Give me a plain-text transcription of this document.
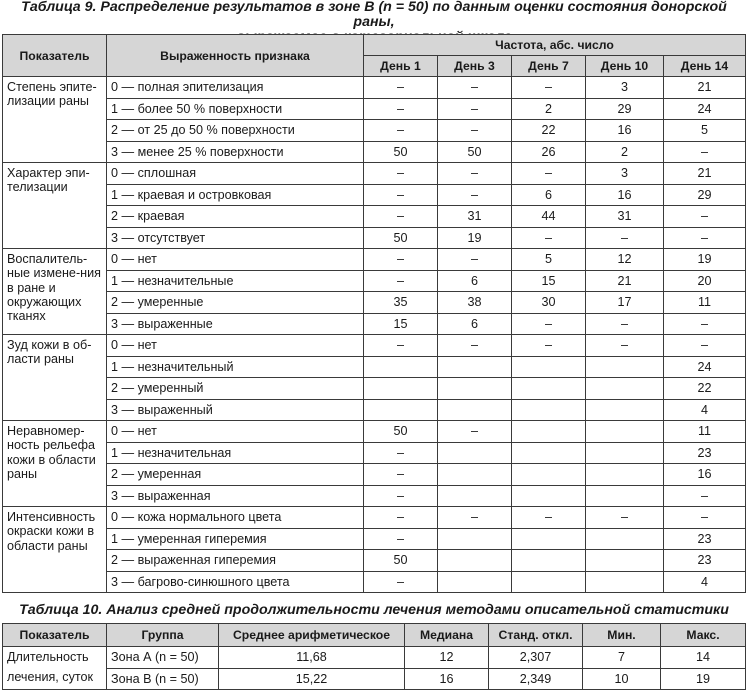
Таблица 9. Распределение результатов в зоне В (n = 50) по данным оценки состояния донорской раны,
Показатель	Выраженность признака	Частота, абс. число				
		День 1	День 3	День 7	День 10	День 14
Степень эпите-лизации раны	0 — полная эпителизация	–	–	–	3	21
	1 — более 50 % поверхности	–	–	2	29	24
	2 — от 25 до 50 % поверхности	–	–	22	16	5
	3 — менее 25 % поверхности	50	50	26	2	–
Характер эпи-телизации	0 — сплошная	–	–	–	3	21
	1 — краевая и островковая	–	–	6	16	29
	2 — краевая	–	31	44	31	–
	3 — отсутствует	50	19	–	–	–
Воспалитель-ные измене-ния в ране и окружающих тканях	0 — нет	–	–	5	12	19
	1 — незначительные	–	6	15	21	20
	2 — умеренные	35	38	30	17	11
	3 — выраженные	15	6	–	–	–
Зуд кожи в об-ласти раны	0 — нет	–	–	–	–	–
	1 — незначительный					24
	2 — умеренный					22
	3 — выраженный					4
Неравномер-ность рельефа кожи в области раны	0 — нет	50	–			11
	1 — незначительная	–				23
	2 — умеренная	–				16
	3 — выраженная	–				–
Интенсивность окраски кожи в области раны	0 — кожа нормального цвета	–	–	–	–	–
	1 — умеренная гиперемия	–				23
	2 — выраженная гиперемия	50				23
	3 — багрово-синюшного цвета	–				4
Таблица 10. Анализ средней продолжительности лечения методами описательной статистики
Показатель	Группа	Среднее арифметическое	Медиана	Станд. откл.	Мин.	Макс.
Длительность лечения, суток	Зона А (n = 50)	11,68	12	2,307	7	14
	Зона В (n = 50)	15,22	16	2,349	10	19
